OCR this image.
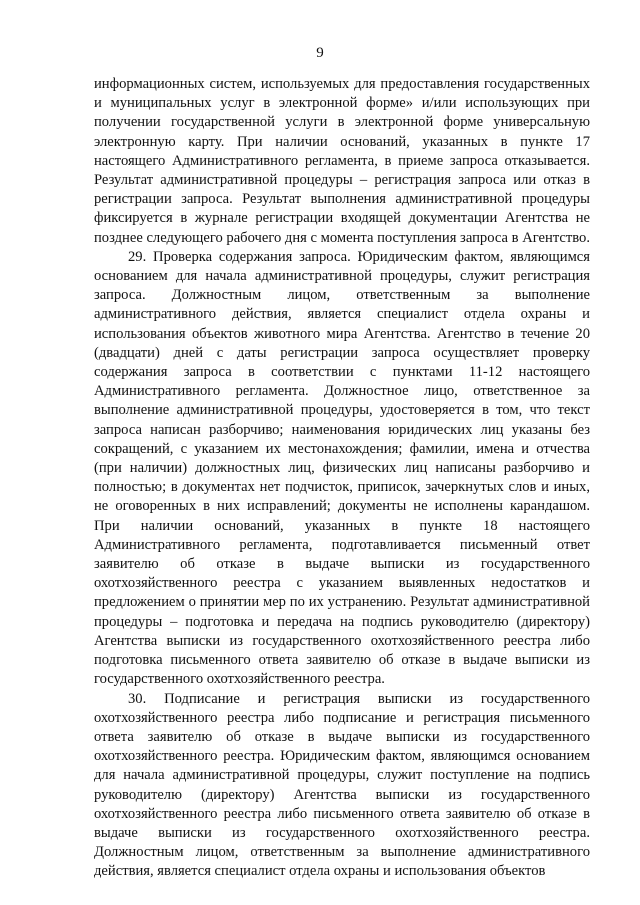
9

информационных систем, используемых для предоставления государственных и муниципальных услуг в электронной форме» и/или использующих при получении государственной услуги в электронной форме универсальную электронную карту. При наличии оснований, указанных в пункте 17 настоящего Административного регламента, в приеме запроса отказывается. Результат административной процедуры – регистрация запроса или отказ в регистрации запроса. Результат выполнения административной процедуры фиксируется в журнале регистрации входящей документации Агентства не позднее следующего рабочего дня с момента поступления запроса в Агентство.

29. Проверка содержания запроса. Юридическим фактом, являющимся основанием для начала административной процедуры, служит регистрация запроса. Должностным лицом, ответственным за выполнение административного действия, является специалист отдела охраны и использования объектов животного мира Агентства. Агентство в течение 20 (двадцати) дней с даты регистрации запроса осуществляет проверку содержания запроса в соответствии с пунктами 11-12 настоящего Административного регламента. Должностное лицо, ответственное за выполнение административной процедуры, удостоверяется в том, что текст запроса написан разборчиво; наименования юридических лиц указаны без сокращений, с указанием их местонахождения; фамилии, имена и отчества (при наличии) должностных лиц, физических лиц написаны разборчиво и полностью; в документах нет подчисток, приписок, зачеркнутых слов и иных, не оговоренных в них исправлений; документы не исполнены карандашом. При наличии оснований, указанных в пункте 18 настоящего Административного регламента, подготавливается письменный ответ заявителю об отказе в выдаче выписки из государственного охотхозяйственного реестра с указанием выявленных недостатков и предложением о принятии мер по их устранению. Результат административной процедуры – подготовка и передача на подпись руководителю (директору) Агентства выписки из государственного охотхозяйственного реестра либо подготовка письменного ответа заявителю об отказе в выдаче выписки из государственного охотхозяйственного реестра.

30. Подписание и регистрация выписки из государственного охотхозяйственного реестра либо подписание и регистрация письменного ответа заявителю об отказе в выдаче выписки из государственного охотхозяйственного реестра. Юридическим фактом, являющимся основанием для начала административной процедуры, служит поступление на подпись руководителю (директору) Агентства выписки из государственного охотхозяйственного реестра либо письменного ответа заявителю об отказе в выдаче выписки из государственного охотхозяйственного реестра. Должностным лицом, ответственным за выполнение административного действия, является специалист отдела охраны и использования объектов
